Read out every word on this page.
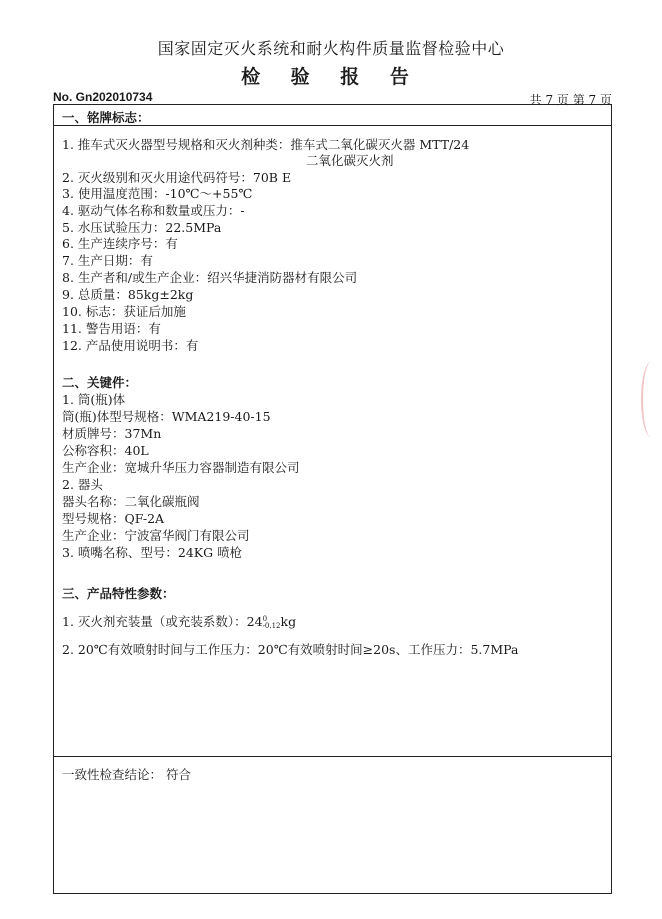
国家固定灭火系统和耐火构件质量监督检验中心
检 验 报 告
No. Gn202010734	共 7 页 第 7 页
一、铭牌标志：
1. 推车式灭火器型号规格和灭火剂种类：推车式二氧化碳灭火器 MTT/24
二氧化碳灭火剂
2. 灭火级别和灭火用途代码符号：70B E
3. 使用温度范围：-10℃～+55℃
4. 驱动气体名称和数量或压力：-
5. 水压试验压力：22.5MPa
6. 生产连续序号：有
7. 生产日期：有
8. 生产者和/或生产企业：绍兴华捷消防器材有限公司
9. 总质量：85kg±2kg
10. 标志：获证后加施
11. 警告用语：有
12. 产品使用说明书：有
二、关键件：
1. 筒(瓶)体
筒(瓶)体型号规格：WMA219-40-15
材质牌号：37Mn
公称容积：40L
生产企业：宽城升华压力容器制造有限公司
2. 器头
器头名称：二氧化碳瓶阀
型号规格：QF-2A
生产企业：宁波富华阀门有限公司
3. 喷嘴名称、型号：24KG 喷枪
三、产品特性参数：
1. 灭火剂充装量（或充装系数）：24 0
-0.12 kg
2. 20℃有效喷射时间与工作压力：20℃有效喷射时间≥20s、工作压力：5.7MPa
一致性检查结论： 符合
